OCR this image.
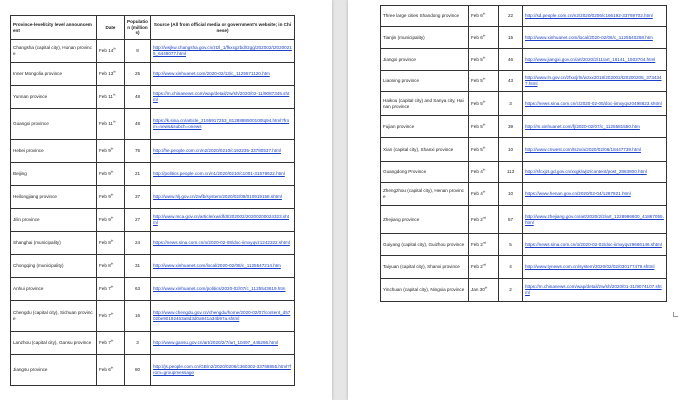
Province-level/city level announcement	Date	Population (millions)	Source (All from official media or government's website; in Chinese)
Changsha (capital city), Hunan province	Feb 14th	8	http://wsjkw.changsha.gov.cn/ztzl_1/fkxxgzbd/tzgg/202002/t20200215_6446077.html
Inner Mongolia province	Feb 13th	25	http://www.xinhuanet.com/2020-02/13/c_1125571120.htm
Yunnan province	Feb 11th	48	https://m.chinanews.com/wap/detail/zw/sh/2020/02-11/9087345.shtml
Guangxi province	Feb 11th	48	https://k.sina.cn/article_2166917253_8128888500100tq94.html?from=news&subch=onews
Hebei province	Feb 9th	75	http://he.people.com.cn/n2/2020/0210/c192235-33780537.html
Beijing	Feb 9th	21	http://politics.people.com.cn/n1/2020/0210/c1001-31578622.html
Heilongjiang province	Feb 9th	37	http://www.hlj.gov.cn/zwfb/system/2020/02/09/010919158.shtml
Jilin province	Feb 9th	27	http://www.mca.gov.cn/article/xw/dfdt/202002/20200200024323.shtml
Shanghai (municipality)	Feb 8th	24	https://news.sina.com.cn/o/2020-02-08/doc-iimxyqvz1242322.shtml
Chongqing (municipality)	Feb 8th	31	http://www.xinhuanet.com/local/2020-02/08/c_1125547214.htm
Anhui province	Feb 7th	63	http://www.xinhuanet.com/politics/2020-02/07/c_1125543619.htm
Chengdu (capital city), Sichuan province	Feb 7th	16	http://www.chengdu.gov.cn/chengdu/home/2020-02/07/content_d5702be90192463a8d3d0a941a34b97a.shtml
Lanzhou (capital city), Gansu province	Feb 7th	3	http://www.gansu.gov.cn/art/2020/2/7/art_10497_445266.html
Jiangsu province	Feb 6th	80	http://js.people.com.cn/GB/n2/2020/0206/c360302-33768855.html?from=groupmessage
Three large cities Shandong province	Feb 6th	22	http://sd.people.com.cn/n2/2020/0206/c166192-33769702.html
Tianjin (municipality)	Feb 6th	15	http://www.xinhuanet.com/local/2020-02/06/c_1125540268.htm
Jiangxi province	Feb 5th	46	http://www.jiangxi.gov.cn/art/2020/2/11/art_16141_1503704.html
Liaoning province	Feb 5th	43	http://www.ln.gov.cn/zfxx/jrln/wzxx2018/202002/t20200205_3734347.html
Haikou (capital city) and Sanya city, Hainan province	Feb 5th	3	https://news.sina.com.cn/c/2020-02-05/doc-iimxyqvz0498623.shtml
Fujian province	Feb 5th	39	http://m.xinhuanet.com/fj/2020-02/07/c_1125581550.htm
Xian (capital city), Shanxi province	Feb 5th	10	http://www.cnwest.com/tszx/a/2020/02/06/18447739.html
Guangdong Province	Feb 4th	113	http://sfcxjzt.gd.gov.cn/xxgk/wjtz/content/post_2883800.html
Zhengzhou (capital city), Henan province	Feb 4th	10	https://www.henan.gov.cn/2020/02-04/1287821.html
Zhejiang province	Feb 2nd	57	http://www.zhejiang.gov.cn/art/2020/2/2/art_1228996600_41867055.html
Guiyang (capital city), Guizhou province	Feb 2nd	5	https://news.sina.com.cn/o/2020-02-02/doc-iimxyqvz9666146.shtml
Taiyuan (capital city), Shanxi province	Feb 2nd	4	http://www.tynews.com.cn/system/2020/02/02/030177479.shtml
Yinchuan (capital city), Ningxia province	Jan 30th	2	https://m.chinanews.com/wap/detail/zw/sh/2020/01-31/9074107.shtml
